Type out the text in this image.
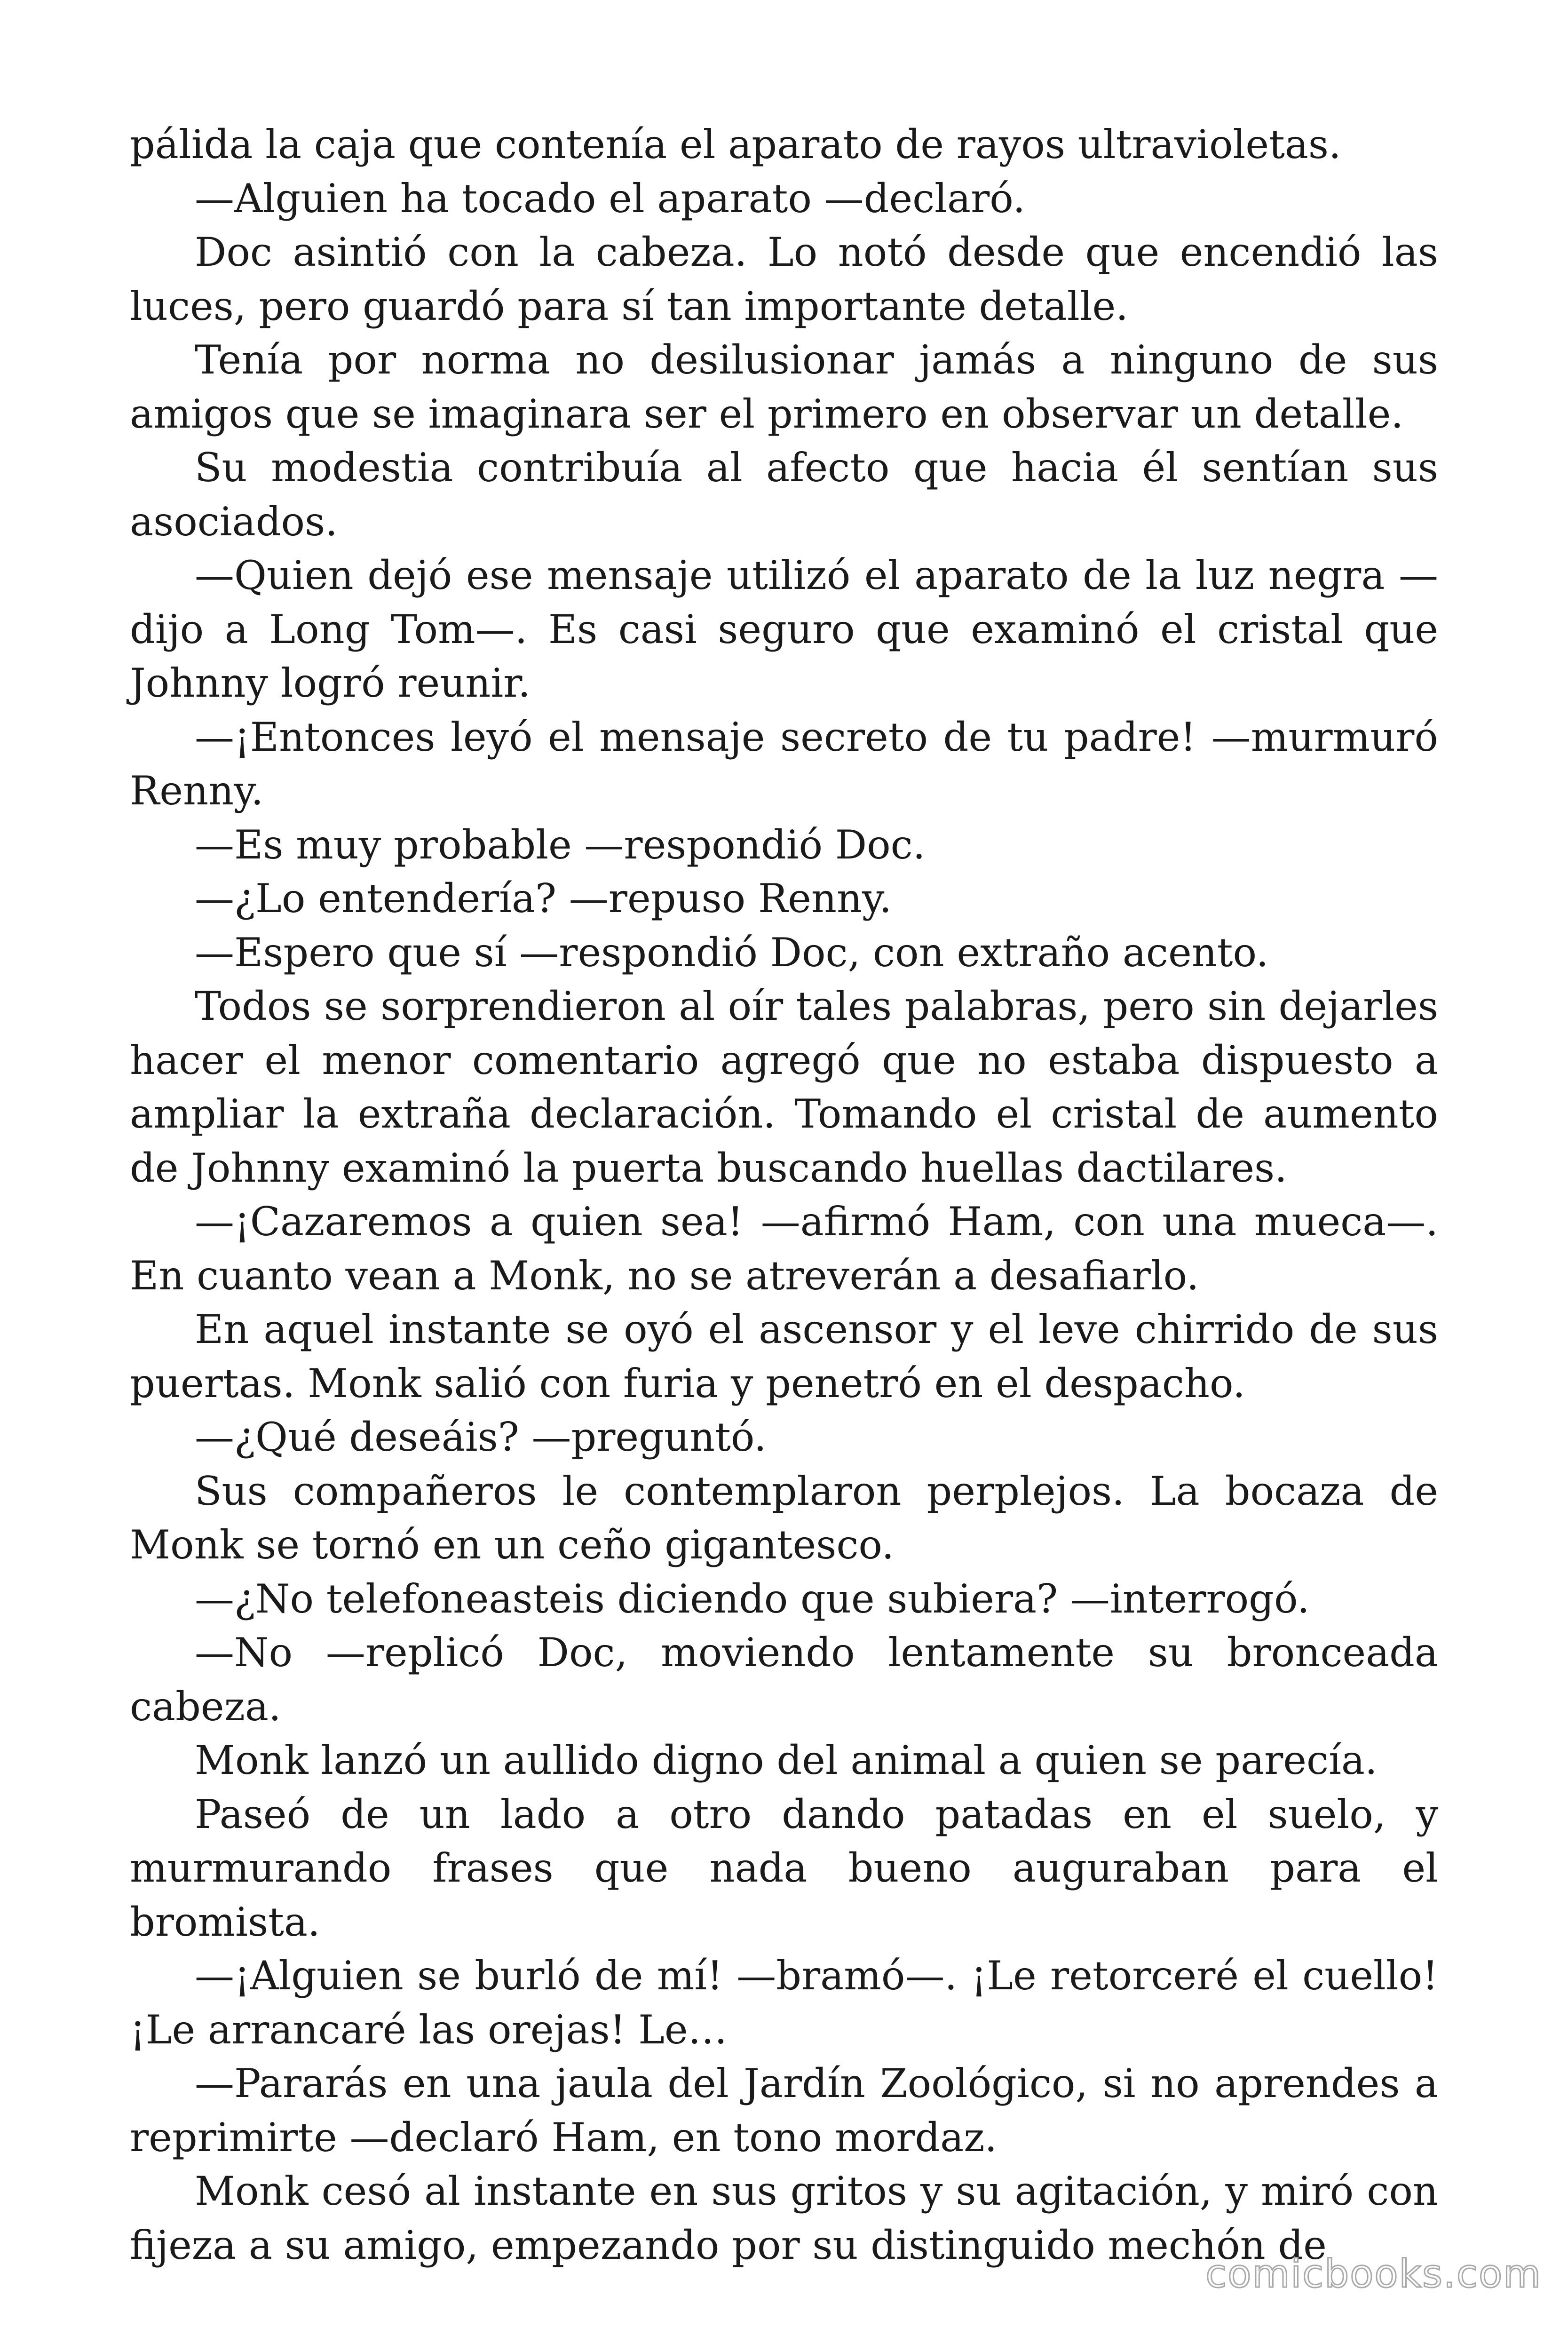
pálida la caja que contenía el aparato de rayos ultravioletas.

—Alguien ha tocado el aparato —declaró.

Doc asintió con la cabeza. Lo notó desde que encendió las luces, pero guardó para sí tan importante detalle.

Tenía por norma no desilusionar jamás a ninguno de sus amigos que se imaginara ser el primero en observar un detalle.

Su modestia contribuía al afecto que hacia él sentían sus asociados.

—Quien dejó ese mensaje utilizó el aparato de la luz negra —dijo a Long Tom—. Es casi seguro que examinó el cristal que Johnny logró reunir.

—¡Entonces leyó el mensaje secreto de tu padre! —murmuró Renny.

—Es muy probable —respondió Doc.

—¿Lo entendería? —repuso Renny.

—Espero que sí —respondió Doc, con extraño acento.

Todos se sorprendieron al oír tales palabras, pero sin dejarles hacer el menor comentario agregó que no estaba dispuesto a ampliar la extraña declaración. Tomando el cristal de aumento de Johnny examinó la puerta buscando huellas dactilares.

—¡Cazaremos a quien sea! —afirmó Ham, con una mueca—. En cuanto vean a Monk, no se atreverán a desafiarlo.

En aquel instante se oyó el ascensor y el leve chirrido de sus puertas. Monk salió con furia y penetró en el despacho.

—¿Qué deseáis? —preguntó.

Sus compañeros le contemplaron perplejos. La bocaza de Monk se tornó en un ceño gigantesco.

—¿No telefoneasteis diciendo que subiera? —interrogó.

—No —replicó Doc, moviendo lentamente su bronceada cabeza.

Monk lanzó un aullido digno del animal a quien se parecía.

Paseó de un lado a otro dando patadas en el suelo, y murmurando frases que nada bueno auguraban para el bromista.

—¡Alguien se burló de mí! —bramó—. ¡Le retorceré el cuello! ¡Le arrancaré las orejas! Le…

—Pararás en una jaula del Jardín Zoológico, si no aprendes a reprimirte —declaró Ham, en tono mordaz.

Monk cesó al instante en sus gritos y su agitación, y miró con fijeza a su amigo, empezando por su distinguido mechón de

comicbooks.com
